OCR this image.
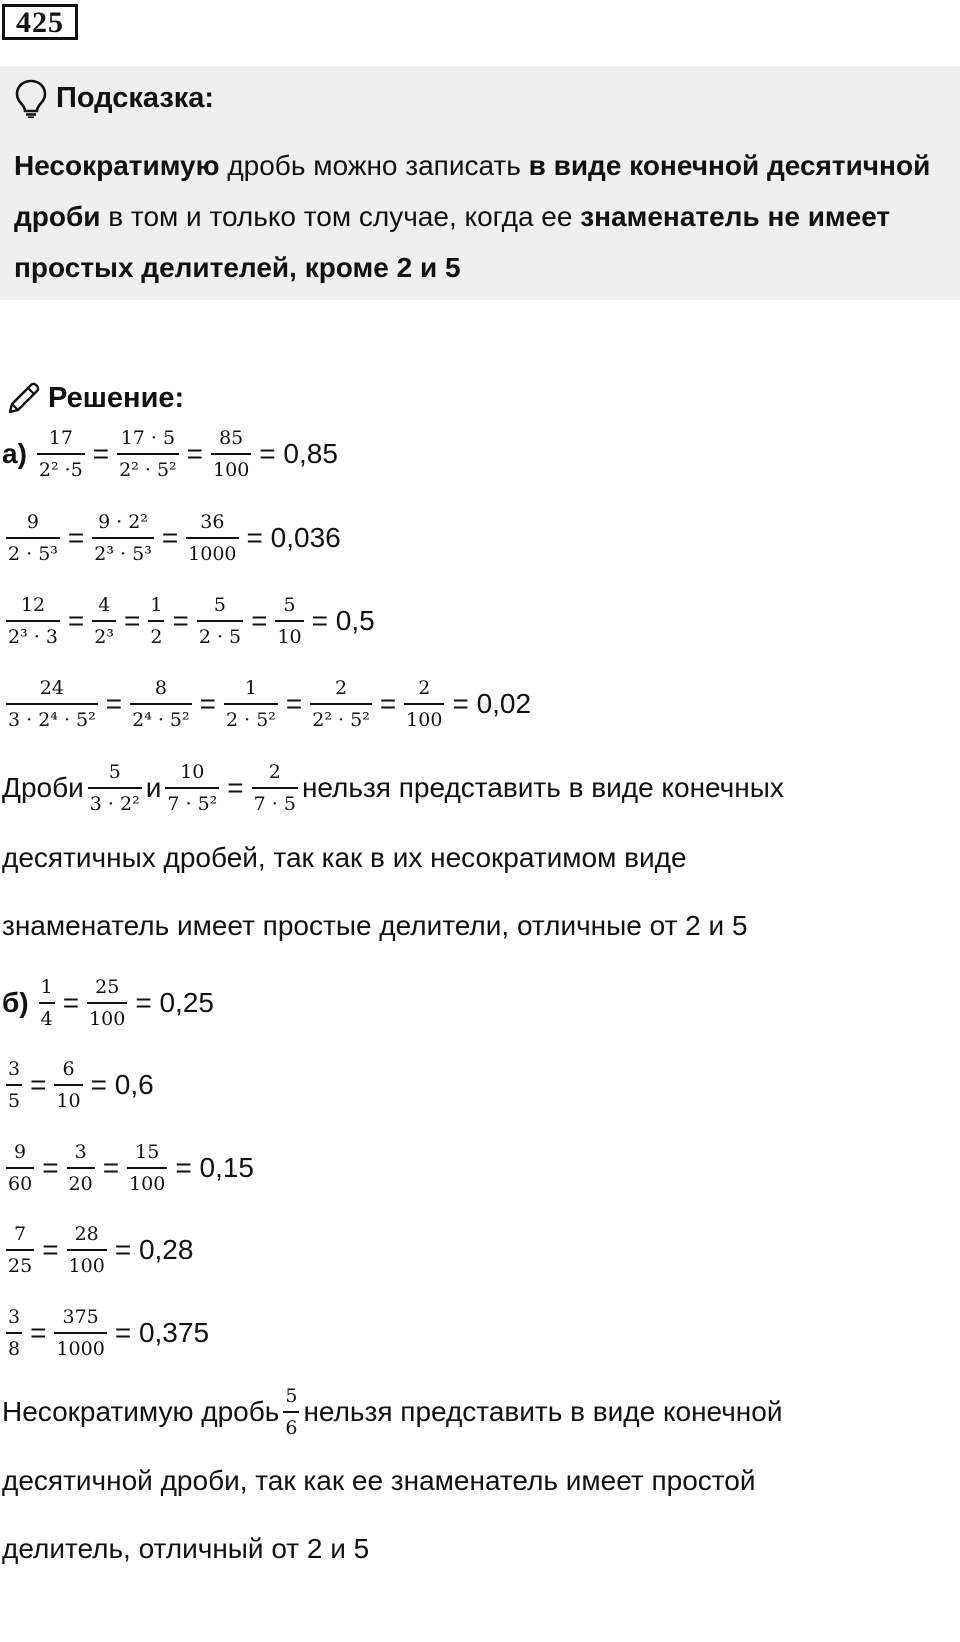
425
Подсказка:
Несократимую дробь можно записать в виде конечной десятичной дроби в том и только том случае, когда ее знаменатель не имеет простых делителей, кроме 2 и 5
Решение:
$а) \frac{17}{\text{2² ·5}} = \frac{17 \cdot 5}{\text{2² · 5²}} = \frac{85}{100} = 0,85$
$\frac{9}{\text{2 · 5³}} = \frac{\text{9 · 2²}}{\text{2³ · 5³}} = \frac{36}{1000} = 0,036$
$\frac{12}{\text{2³ · 3}} = \frac{4}{\text{2³}} = \frac{1}{2} = \frac{5}{2 \cdot 5} = \frac{5}{10} = 0,5$
$\frac{24}{\text{3 · 2⁴ · 5²}} = \frac{8}{\text{2⁴ · 5²}} = \frac{1}{\text{2 · 5²}} = \frac{2}{\text{2² · 5²}} = \frac{2}{100} = 0,02$
Дроби $\frac{5}{\text{3 · 2²}}$ и $\frac{10}{\text{7 · 5²}} = \frac{2}{7 \cdot 5}$ нельзя представить в виде конечных
десятичных дробей, так как в их несократимом виде
знаменатель имеет простые делители, отличные от 2 и 5
$б) \frac{1}{4} = \frac{25}{100} = 0,25$
$\frac{3}{5} = \frac{6}{10} = 0,6$
$\frac{9}{60} = \frac{3}{20} = \frac{15}{100} = 0,15$
$\frac{7}{25} = \frac{28}{100} = 0,28$
$\frac{3}{8} = \frac{375}{1000} = 0,375$
Несократимую дробь $\frac{5}{6}$ нельзя представить в виде конечной
десятичной дроби, так как ее знаменатель имеет простой
делитель, отличный от 2 и 5
